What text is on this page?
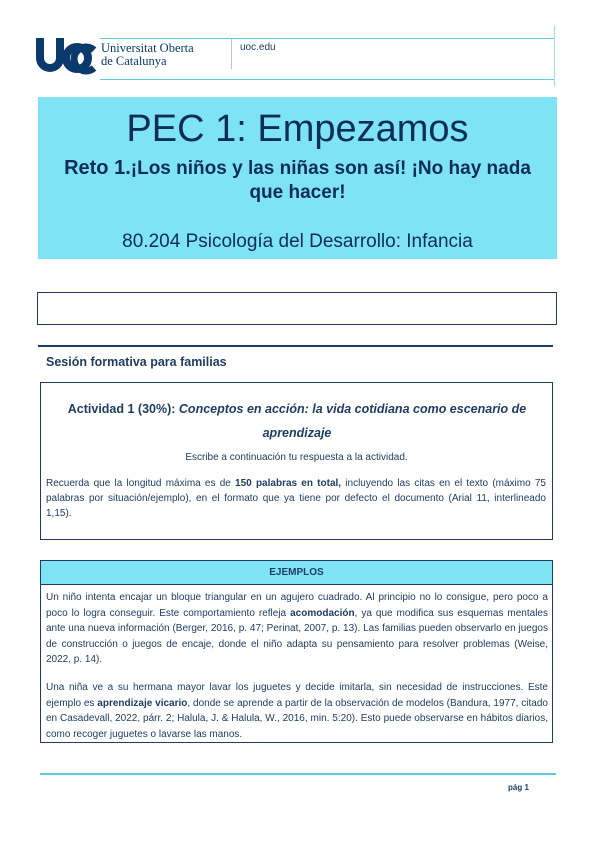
Universitat Oberta
de Catalunya
uoc.edu
PEC 1: Empezamos
Reto 1.¡Los niños y las niñas son así! ¡No hay nada que hacer!
80.204 Psicología del Desarrollo: Infancia
Sesión formativa para familias
Actividad 1 (30%): Conceptos en acción: la vida cotidiana como escenario de aprendizaje
Escribe a continuación tu respuesta a la actividad.
Recuerda que la longitud máxima es de 150 palabras en total, incluyendo las citas en el texto (máximo 75 palabras por situación/ejemplo), en el formato que ya tiene por defecto el documento (Arial 11, interlineado 1,15).
EJEMPLOS
Un niño intenta encajar un bloque triangular en un agujero cuadrado. Al principio no lo consigue, pero poco a poco lo logra conseguir. Este comportamiento refleja acomodación, ya que modifica sus esquemas mentales ante una nueva información (Berger, 2016, p. 47; Perinat, 2007, p. 13). Las familias pueden observarlo en juegos de construcción o juegos de encaje, donde el niño adapta su pensamiento para resolver problemas (Weise, 2022, p. 14).
Una niña ve a su hermana mayor lavar los juguetes y decide imitarla, sin necesidad de instrucciones. Este ejemplo es aprendizaje vicario, donde se aprende a partir de la observación de modelos (Bandura, 1977, citado en Casadevall, 2022, párr. 2; Halula, J. & Halula, W., 2016, min. 5:20). Esto puede observarse en hábitos diarios, como recoger juguetes o lavarse las manos.
pág 1
